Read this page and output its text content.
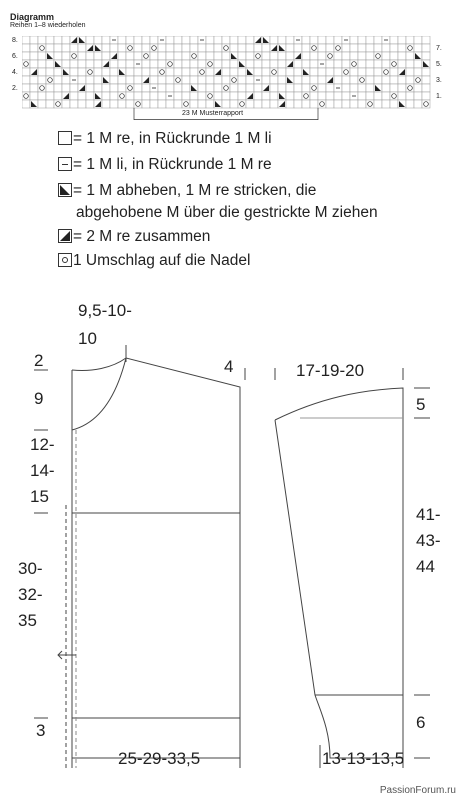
Diagramm
Reihen 1–8 wiederholen
8.
6.
4.
2.
7.
5.
3.
1.
23 M Musterrapport
= 1 M re, in Rückrunde 1 M li
= 1 M li, in Rückrunde 1 M re
= 1 M abheben, 1 M re stricken, die
abgehobene M über die gestrickte M ziehen
= 2 M re zusammen
1 Umschlag auf die Nadel
9,5-10-
10
2
9
4
12-
14-
15
30-
32-
35
3
25-29-33,5
17-19-20
5
41-
43-
44
6
13-13-13,5
PassionForum.ru
